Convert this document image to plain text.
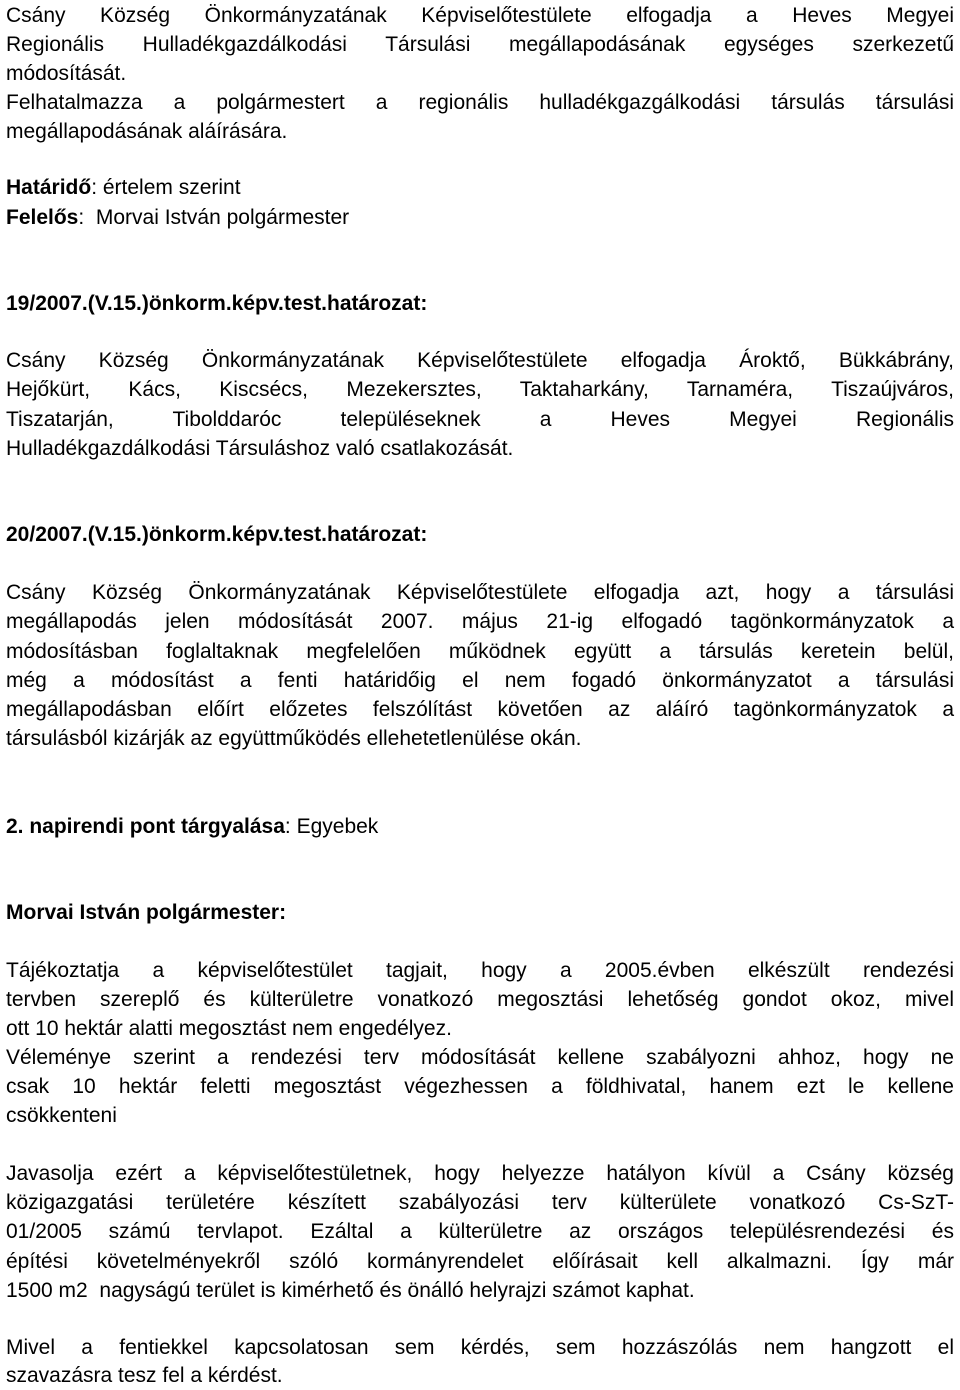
Csány Község Önkormányzatának Képviselőtestülete elfogadja a Heves Megyei
Regionális Hulladékgazdálkodási Társulási megállapodásának egységes szerkezetű
módosítását.
Felhatalmazza a polgármestert a regionális hulladékgazgálkodási társulás társulási
megállapodásának aláírására.
Határidő: értelem szerint
Felelős:  Morvai István polgármester
19/2007.(V.15.)önkorm.képv.test.határozat:
Csány Község Önkormányzatának Képviselőtestülete elfogadja Ároktő, Bükkábrány,
Hejőkürt, Kács, Kiscsécs, Mezekersztes, Taktaharkány, Tarnaméra, Tiszaújváros,
Tiszatarján, Tibolddaróc településeknek a Heves Megyei Regionális
Hulladékgazdálkodási Társuláshoz való csatlakozását.
20/2007.(V.15.)önkorm.képv.test.határozat:
Csány Község Önkormányzatának Képviselőtestülete elfogadja azt, hogy a társulási
megállapodás jelen módosítását 2007. május 21-ig elfogadó tagönkormányzatok a
módosításban foglaltaknak megfelelően működnek együtt a társulás keretein belül,
még a módosítást a fenti határidőig el nem fogadó önkormányzatot a társulási
megállapodásban előírt előzetes felszólítást követően az aláíró tagönkormányzatok a
társulásból kizárják az együttműködés ellehetetlenülése okán.
2. napirendi pont tárgyalása: Egyebek
Morvai István polgármester:
Tájékoztatja a képviselőtestület tagjait, hogy a 2005.évben elkészült rendezési
tervben szereplő és külterületre vonatkozó megosztási lehetőség gondot okoz, mivel
ott 10 hektár alatti megosztást nem engedélyez.
Véleménye szerint a rendezési terv módosítását kellene szabályozni ahhoz, hogy ne
csak 10 hektár feletti megosztást végezhessen a földhivatal, hanem ezt le kellene
csökkenteni
Javasolja ezért a képviselőtestületnek, hogy helyezze hatályon kívül a Csány község
közigazgatási területére készített szabályozási terv külterülete vonatkozó Cs-SzT-
01/2005 számú tervlapot. Ezáltal a külterületre az országos településrendezési és
építési követelményekről szóló kormányrendelet előírásait kell alkalmazni. Így már
1500 m2  nagyságú terület is kimérhető és önálló helyrajzi számot kaphat.
Mivel a fentiekkel kapcsolatosan sem kérdés, sem hozzászólás nem hangzott el
szavazásra tesz fel a kérdést.
